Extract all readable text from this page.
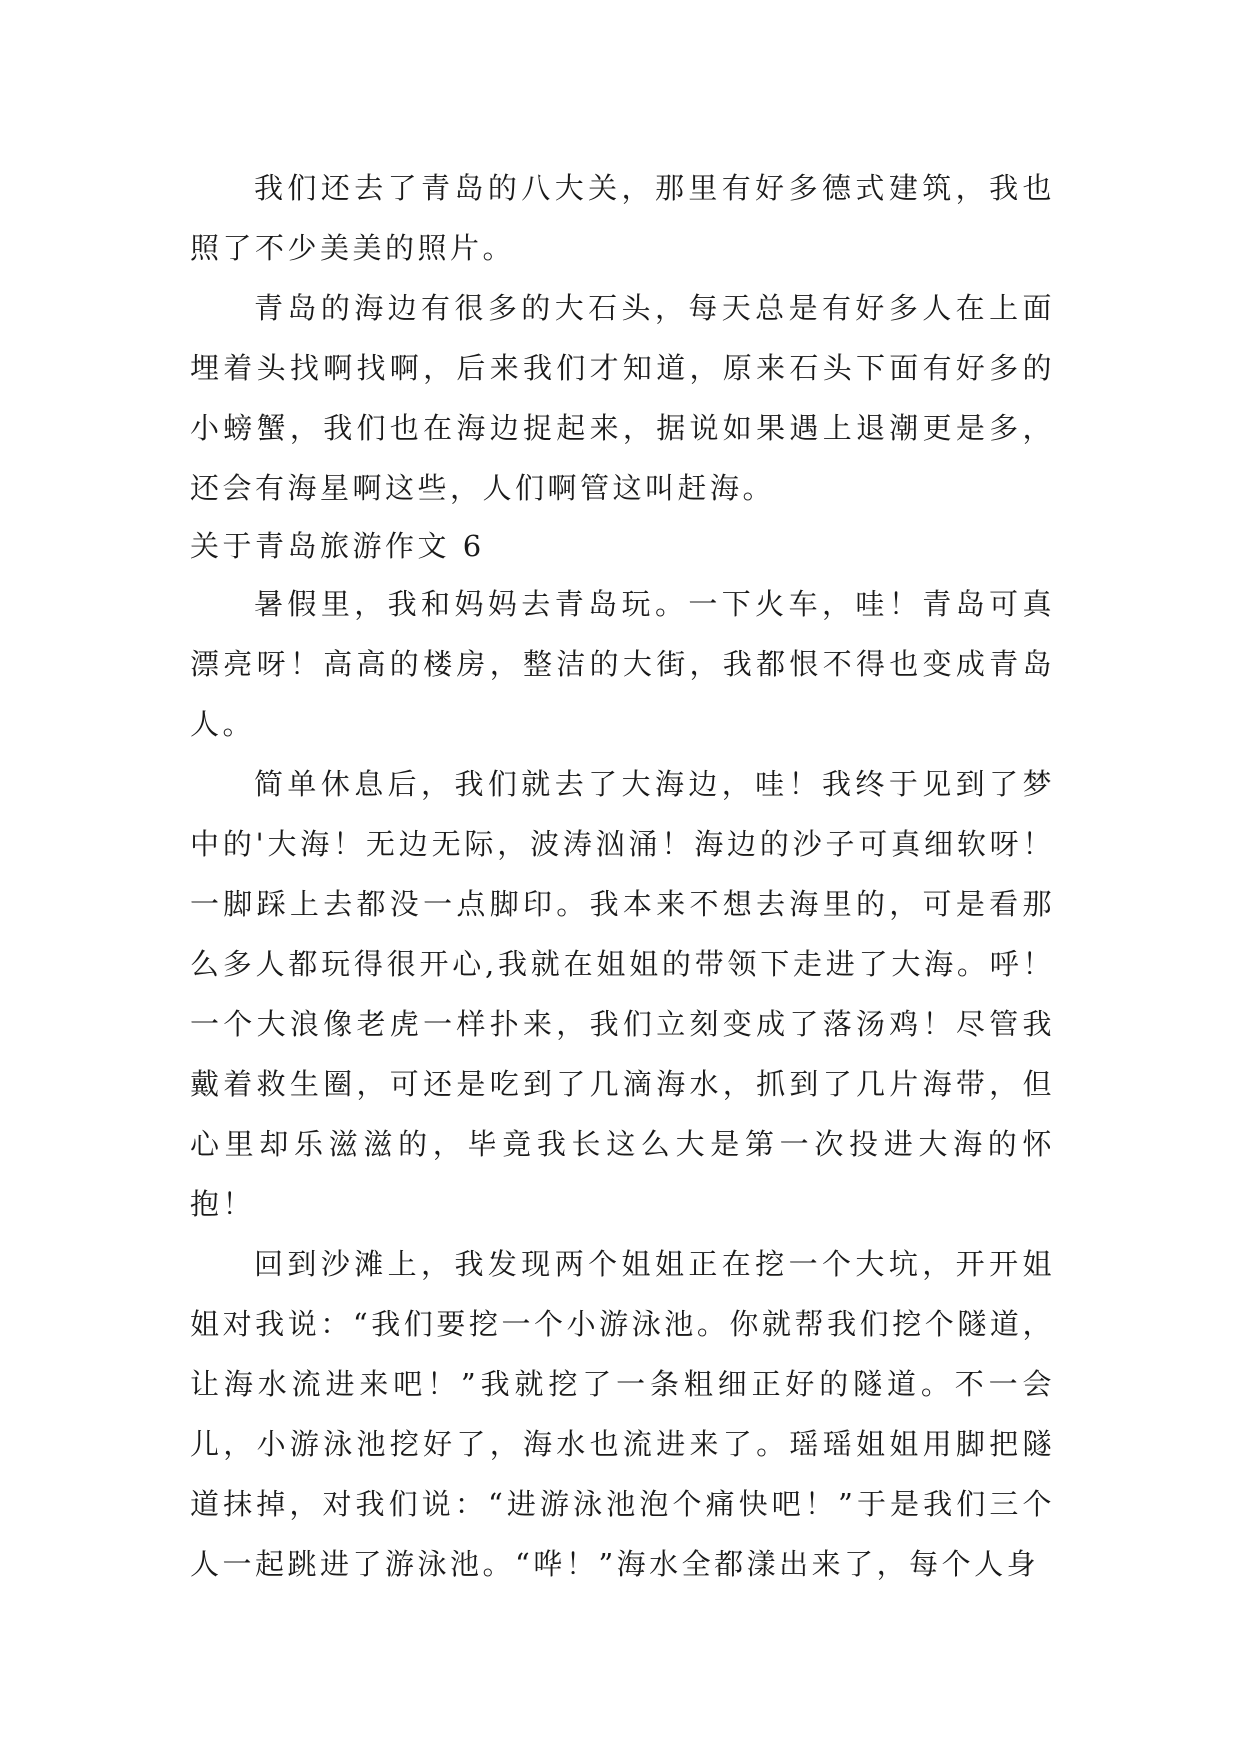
我们还去了青岛的八大关，那里有好多德式建筑，我也照了不少美美的照片。

青岛的海边有很多的大石头，每天总是有好多人在上面埋着头找啊找啊，后来我们才知道，原来石头下面有好多的小螃蟹，我们也在海边捉起来，据说如果遇上退潮更是多，还会有海星啊这些，人们啊管这叫赶海。

关于青岛旅游作文 6

暑假里，我和妈妈去青岛玩。一下火车，哇！青岛可真漂亮呀！高高的楼房，整洁的大街，我都恨不得也变成青岛人。

简单休息后，我们就去了大海边，哇！我终于见到了梦中的'大海！无边无际，波涛汹涌！海边的沙子可真细软呀！一脚踩上去都没一点脚印。我本来不想去海里的，可是看那么多人都玩得很开心,我就在姐姐的带领下走进了大海。呼！一个大浪像老虎一样扑来，我们立刻变成了落汤鸡！尽管我戴着救生圈，可还是吃到了几滴海水，抓到了几片海带，但心里却乐滋滋的，毕竟我长这么大是第一次投进大海的怀抱！

回到沙滩上，我发现两个姐姐正在挖一个大坑，开开姐姐对我说：“我们要挖一个小游泳池。你就帮我们挖个隧道，让海水流进来吧！”我就挖了一条粗细正好的隧道。不一会儿，小游泳池挖好了，海水也流进来了。瑶瑶姐姐用脚把隧道抹掉，对我们说：“进游泳池泡个痛快吧！”于是我们三个人一起跳进了游泳池。“哗！”海水全都漾出来了，每个人身
